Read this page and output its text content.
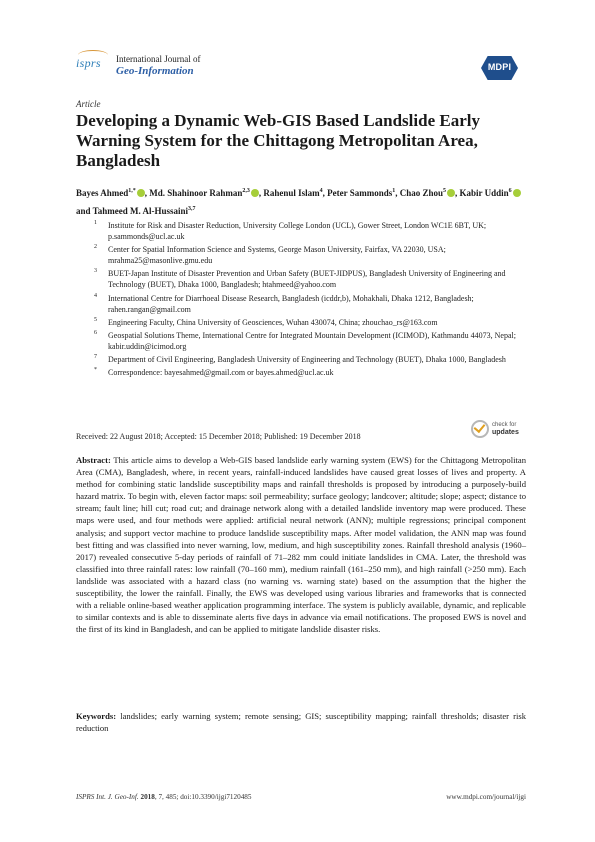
isprs International Journal of
Geo-Information	MDPI
Article
Developing a Dynamic Web-GIS Based Landslide Early Warning System for the Chittagong Metropolitan Area, Bangladesh
Bayes Ahmed$^{1,*}$ , Md. Shahinoor Rahman$^{2,3}$ , Rahenul Islam$^4$, Peter Sammonds$^1$, Chao Zhou$^5$ , Kabir Uddin$^6$ and Tahmeed M. Al-Hussaini$^{3,7}$
1 Institute for Risk and Disaster Reduction, University College London (UCL), Gower Street, London WC1E 6BT, UK; p.sammonds@ucl.ac.uk
2 Center for Spatial Information Science and Systems, George Mason University, Fairfax, VA 22030, USA; mrahma25@masonlive.gmu.edu
3 BUET-Japan Institute of Disaster Prevention and Urban Safety (BUET-JIDPUS), Bangladesh University of Engineering and Technology (BUET), Dhaka 1000, Bangladesh; htahmeed@yahoo.com
4 International Centre for Diarrhoeal Disease Research, Bangladesh (icddr,b), Mohakhali, Dhaka 1212, Bangladesh; rahen.rangan@gmail.com
5 Engineering Faculty, China University of Geosciences, Wuhan 430074, China; zhouchao_rs@163.com
6 Geospatial Solutions Theme, International Centre for Integrated Mountain Development (ICIMOD), Kathmandu 44073, Nepal; kabir.uddin@icimod.org
7 Department of Civil Engineering, Bangladesh University of Engineering and Technology (BUET), Dhaka 1000, Bangladesh
* Correspondence: bayesahmed@gmail.com or bayes.ahmed@ucl.ac.uk
Received: 22 August 2018; Accepted: 15 December 2018; Published: 19 December 2018
check for
updates

Abstract: This article aims to develop a Web-GIS based landslide early warning system (EWS) for the Chittagong Metropolitan Area (CMA), Bangladesh, where, in recent years, rainfall-induced landslides have caused great losses of lives and property. A method for combining static landslide susceptibility maps and rainfall thresholds is proposed by introducing a purposely-build hazard matrix. To begin with, eleven factor maps: soil permeability; surface geology; landcover; altitude; slope; aspect; distance to stream; fault line; hill cut; road cut; and drainage network along with a detailed landslide inventory map were produced. These maps were used, and four methods were applied: artificial neural network (ANN); multiple regressions; principal component analysis; and support vector machine to produce landslide susceptibility maps. After model validation, the ANN map was found best fitting and was classified into never warning, low, medium, and high susceptibility zones. Rainfall threshold analysis (1960–2017) revealed consecutive 5-day periods of rainfall of 71–282 mm could initiate landslides in CMA. Later, the threshold was classified into three rainfall rates: low rainfall (70–160 mm), medium rainfall (161–250 mm), and high rainfall (>250 mm). Each landslide was associated with a hazard class (no warning vs. warning state) based on the assumption that the higher the susceptibility, the lower the rainfall. Finally, the EWS was developed using various libraries and frameworks that is connected with a reliable online-based weather application programming interface. The system is publicly available, dynamic, and replicable to similar contexts and is able to disseminate alerts five days in advance via email notifications. The proposed EWS is novel and the first of its kind in Bangladesh, and can be applied to mitigate landslide disaster risks.

Keywords: landslides; early warning system; remote sensing; GIS; susceptibility mapping; rainfall thresholds; disaster risk reduction

ISPRS Int. J. Geo-Inf. 2018, 7, 485; doi:10.3390/ijgi7120485	www.mdpi.com/journal/ijgi
